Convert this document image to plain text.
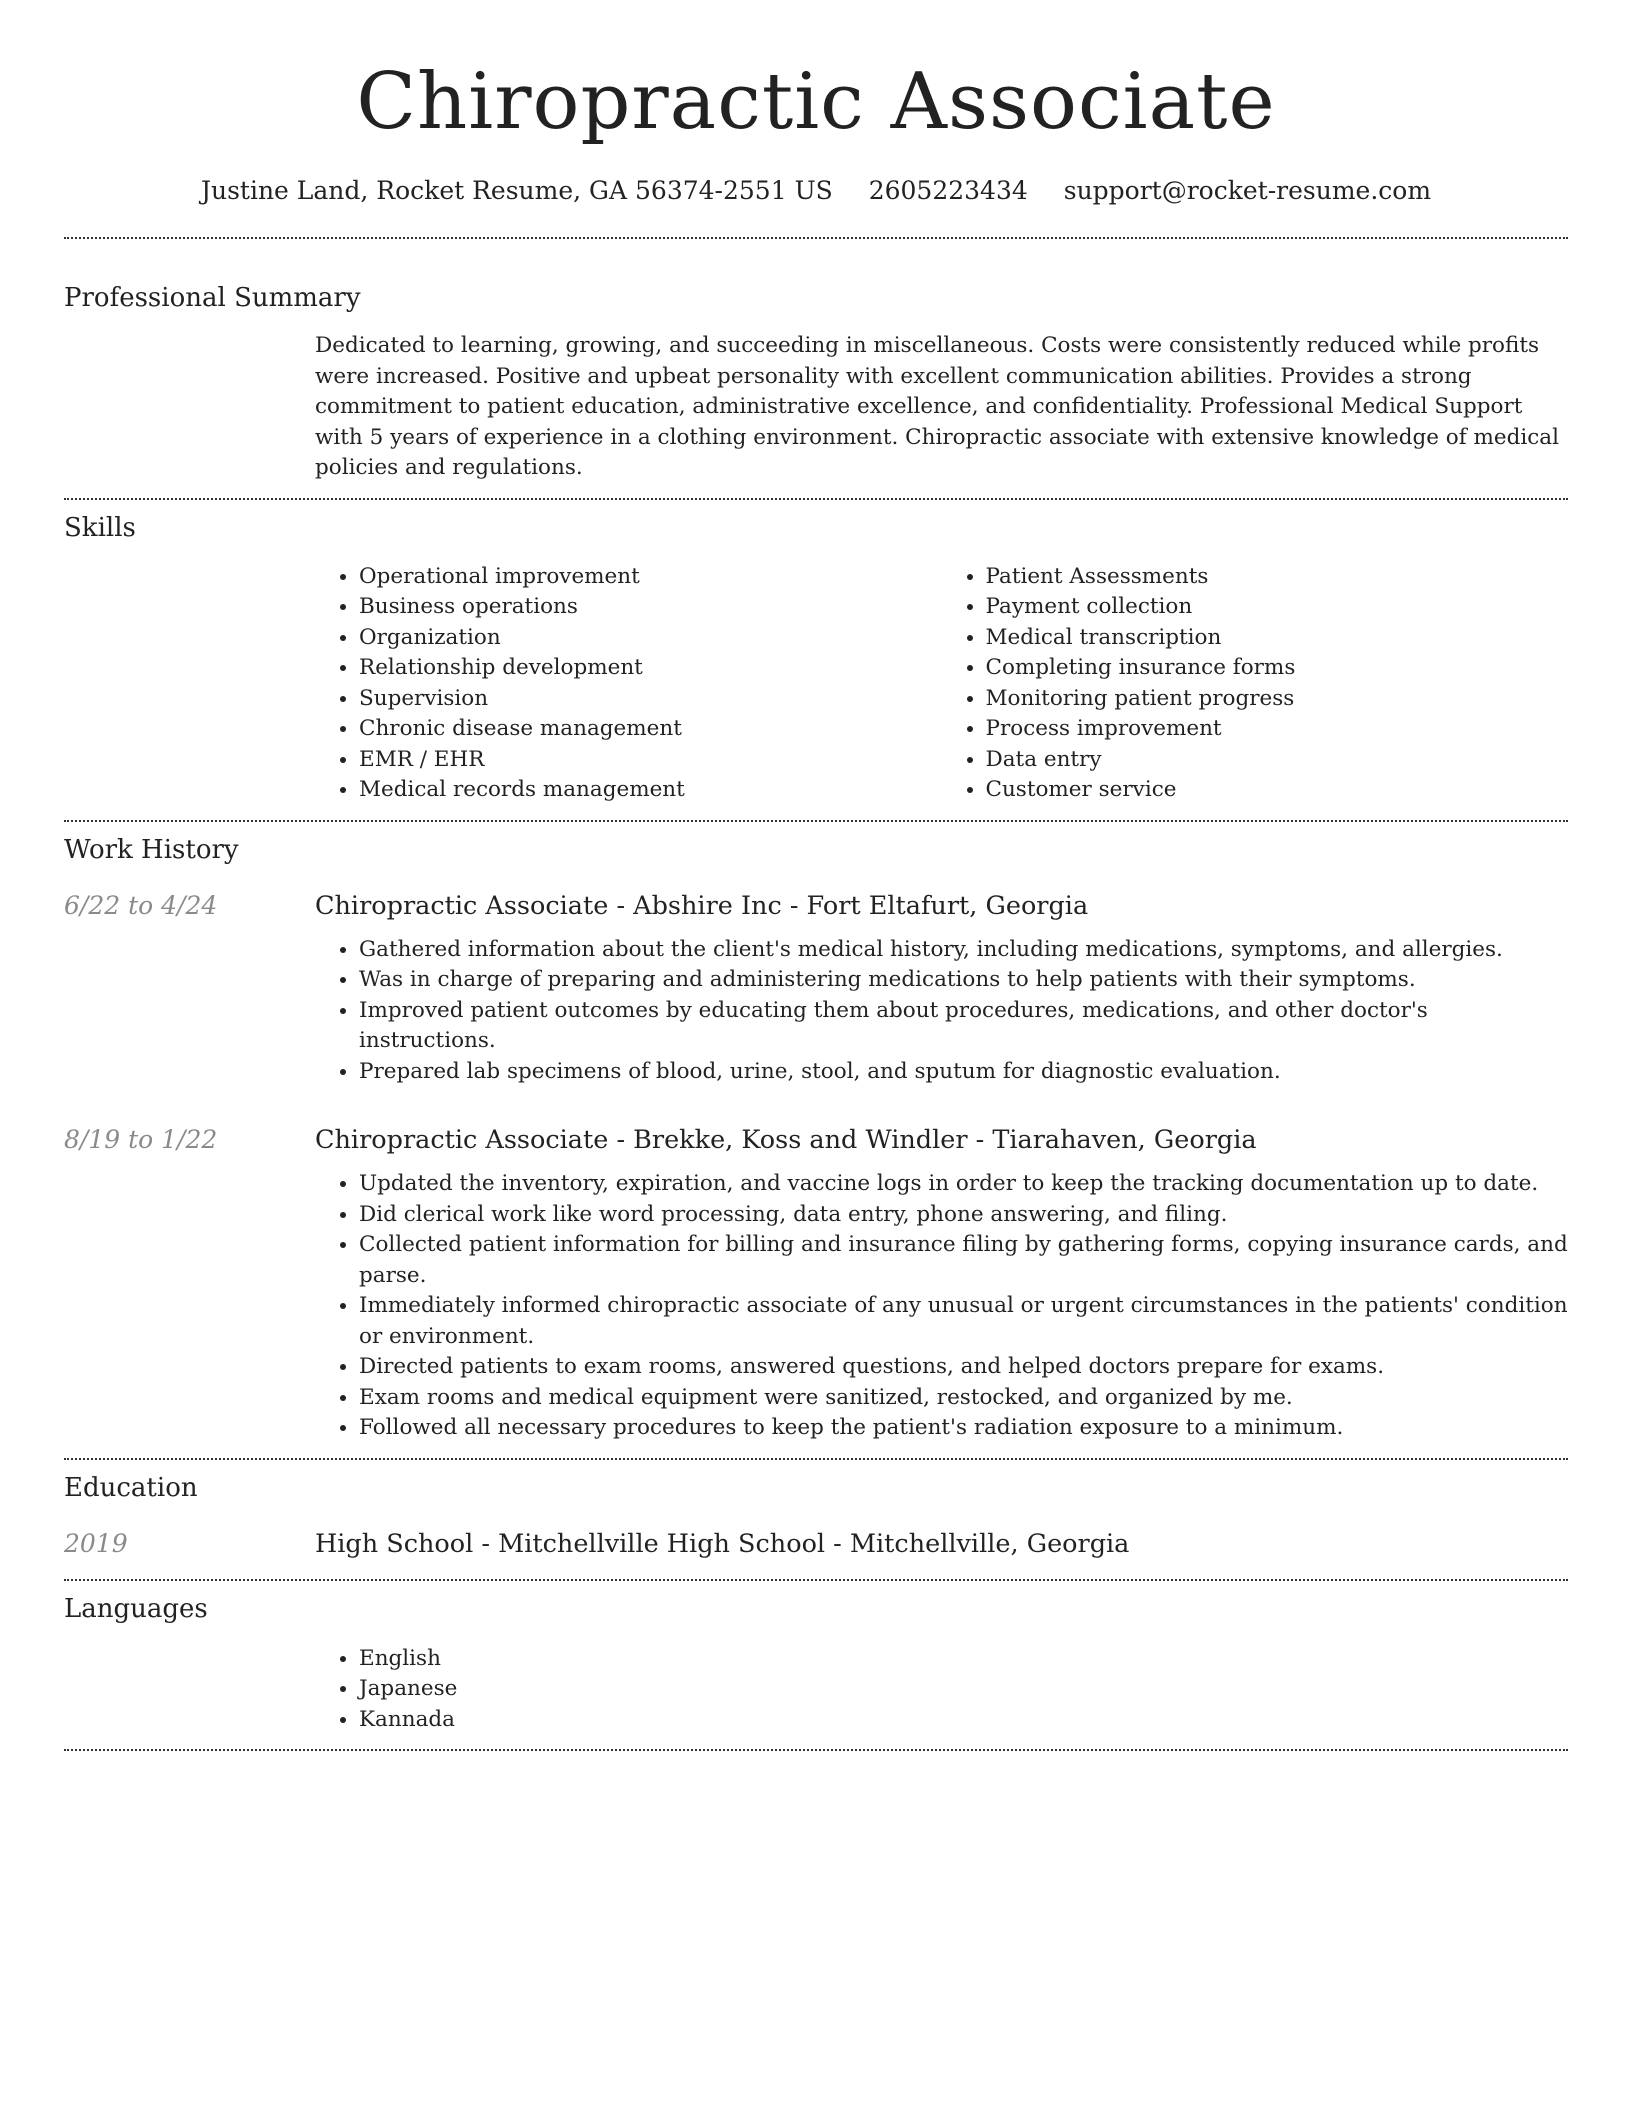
Chiropractic Associate
Justine Land, Rocket Resume, GA 56374-2551 US 2605223434 support@rocket-resume.com
Professional Summary
Dedicated to learning, growing, and succeeding in miscellaneous. Costs were consistently reduced while profits were increased. Positive and upbeat personality with excellent communication abilities. Provides a strong commitment to patient education, administrative excellence, and confidentiality. Professional Medical Support with 5 years of experience in a clothing environment. Chiropractic associate with extensive knowledge of medical policies and regulations.
Skills
• Operational improvement
• Business operations
• Organization
• Relationship development
• Supervision
• Chronic disease management
• EMR / EHR
• Medical records management
• Patient Assessments
• Payment collection
• Medical transcription
• Completing insurance forms
• Monitoring patient progress
• Process improvement
• Data entry
• Customer service
Work History
6/22 to 4/24	Chiropractic Associate - Abshire Inc - Fort Eltafurt, Georgia
• Gathered information about the client's medical history, including medications, symptoms, and allergies.
• Was in charge of preparing and administering medications to help patients with their symptoms.
• Improved patient outcomes by educating them about procedures, medications, and other doctor's instructions.
• Prepared lab specimens of blood, urine, stool, and sputum for diagnostic evaluation.
8/19 to 1/22	Chiropractic Associate - Brekke, Koss and Windler - Tiarahaven, Georgia
• Updated the inventory, expiration, and vaccine logs in order to keep the tracking documentation up to date.
• Did clerical work like word processing, data entry, phone answering, and filing.
• Collected patient information for billing and insurance filing by gathering forms, copying insurance cards, and parse.
• Immediately informed chiropractic associate of any unusual or urgent circumstances in the patients' condition or environment.
• Directed patients to exam rooms, answered questions, and helped doctors prepare for exams.
• Exam rooms and medical equipment were sanitized, restocked, and organized by me.
• Followed all necessary procedures to keep the patient's radiation exposure to a minimum.
Education
2019	High School - Mitchellville High School - Mitchellville, Georgia
Languages
• English
• Japanese
• Kannada
